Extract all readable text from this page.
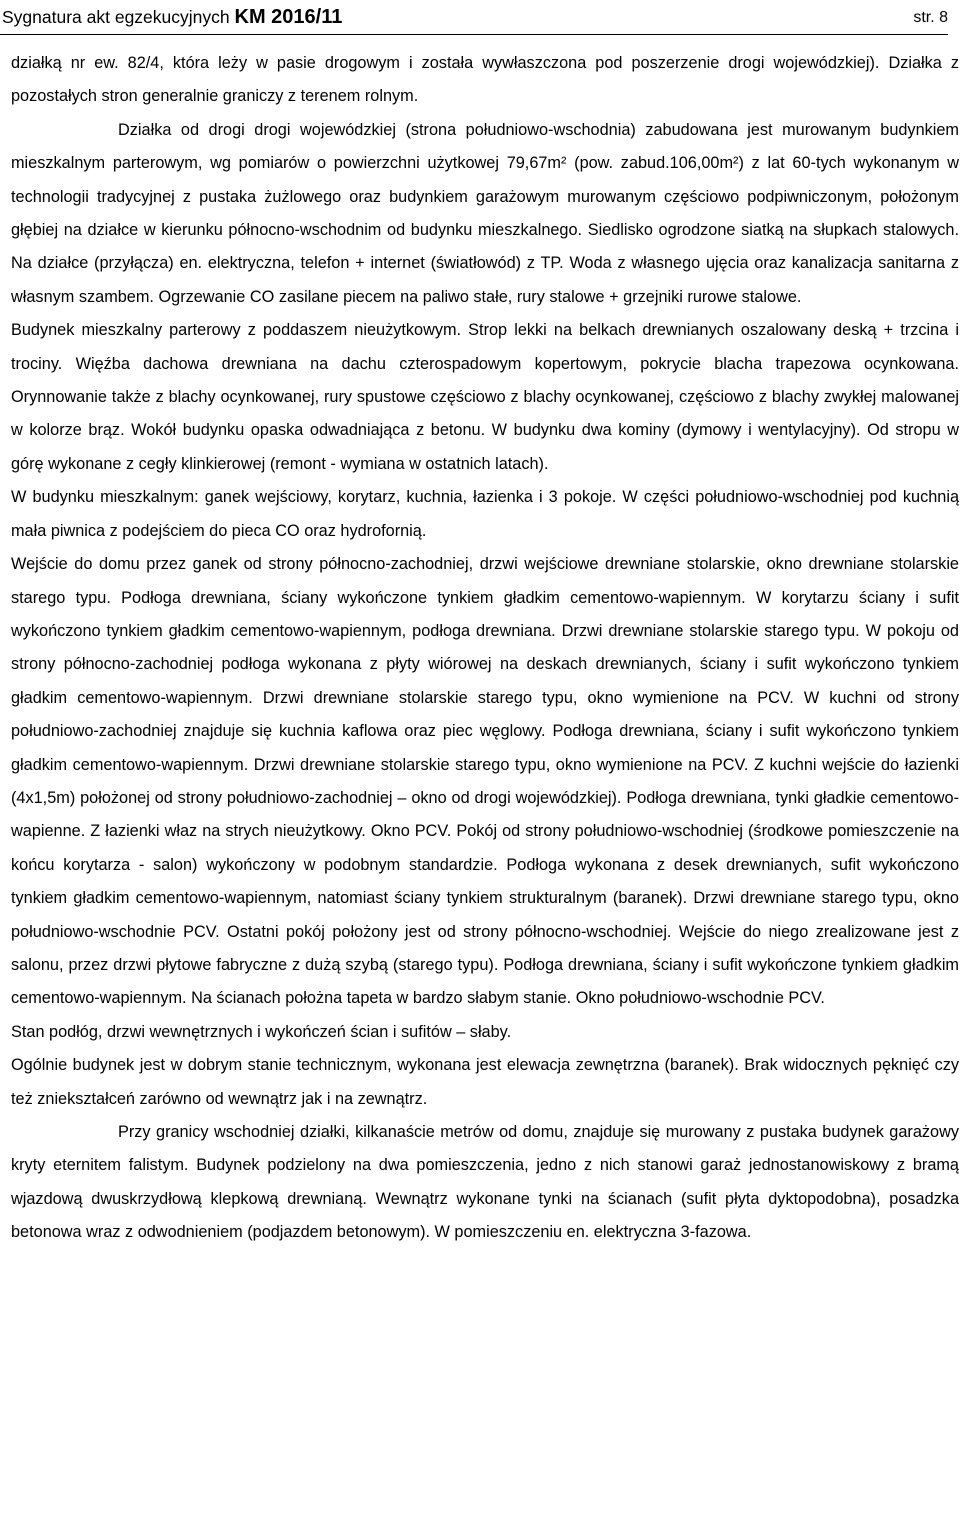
Sygnatura akt egzekucyjnych KM 2016/11	str. 8

działką nr ew. 82/4, która leży w pasie drogowym i została wywłaszczona pod poszerzenie drogi wojewódzkiej). Działka z pozostałych stron generalnie graniczy z terenem rolnym.

Działka od drogi drogi wojewódzkiej (strona południowo-wschodnia) zabudowana jest murowanym budynkiem mieszkalnym parterowym, wg pomiarów o powierzchni użytkowej 79,67m² (pow. zabud.106,00m²) z lat 60-tych wykonanym w technologii tradycyjnej z pustaka żużlowego oraz budynkiem garażowym murowanym częściowo podpiwniczonym, położonym głębiej na działce w kierunku północno-wschodnim od budynku mieszkalnego. Siedlisko ogrodzone siatką na słupkach stalowych. Na działce (przyłącza) en. elektryczna, telefon + internet (światłowód) z TP. Woda z własnego ujęcia oraz kanalizacja sanitarna z własnym szambem. Ogrzewanie CO zasilane piecem na paliwo stałe, rury stalowe + grzejniki rurowe stalowe.

Budynek mieszkalny parterowy z poddaszem nieużytkowym. Strop lekki na belkach drewnianych oszalowany deską + trzcina i trociny. Więźba dachowa drewniana na dachu czterospadowym kopertowym, pokrycie blacha trapezowa ocynkowana. Orynnowanie także z blachy ocynkowanej, rury spustowe częściowo z blachy ocynkowanej, częściowo z blachy zwykłej malowanej w kolorze brąz. Wokół budynku opaska odwadniająca z betonu. W budynku dwa kominy (dymowy i wentylacyjny). Od stropu w górę wykonane z cegły klinkierowej (remont - wymiana w ostatnich latach).

W budynku mieszkalnym: ganek wejściowy, korytarz, kuchnia, łazienka i 3 pokoje. W części południowo-wschodniej pod kuchnią mała piwnica z podejściem do pieca CO oraz hydrofornią.

Wejście do domu przez ganek od strony północno-zachodniej, drzwi wejściowe drewniane stolarskie, okno drewniane stolarskie starego typu. Podłoga drewniana, ściany wykończone tynkiem gładkim cementowo-wapiennym. W korytarzu ściany i sufit wykończono tynkiem gładkim cementowo-wapiennym, podłoga drewniana. Drzwi drewniane stolarskie starego typu. W pokoju od strony północno-zachodniej podłoga wykonana z płyty wiórowej na deskach drewnianych, ściany i sufit wykończono tynkiem gładkim cementowo-wapiennym. Drzwi drewniane stolarskie starego typu, okno wymienione na PCV. W kuchni od strony południowo-zachodniej znajduje się kuchnia kaflowa oraz piec węglowy. Podłoga drewniana, ściany i sufit wykończono tynkiem gładkim cementowo-wapiennym. Drzwi drewniane stolarskie starego typu, okno wymienione na PCV. Z kuchni wejście do łazienki (4x1,5m) położonej od strony południowo-zachodniej – okno od drogi wojewódzkiej). Podłoga drewniana, tynki gładkie cementowo-wapienne. Z łazienki właz na strych nieużytkowy. Okno PCV. Pokój od strony południowo-wschodniej (środkowe pomieszczenie na końcu korytarza - salon) wykończony w podobnym standardzie. Podłoga wykonana z desek drewnianych, sufit wykończono tynkiem gładkim cementowo-wapiennym, natomiast ściany tynkiem strukturalnym (baranek). Drzwi drewniane starego typu, okno południowo-wschodnie PCV. Ostatni pokój położony jest od strony północno-wschodniej. Wejście do niego zrealizowane jest z salonu, przez drzwi płytowe fabryczne z dużą szybą (starego typu). Podłoga drewniana, ściany i sufit wykończone tynkiem gładkim cementowo-wapiennym. Na ścianach położna tapeta w bardzo słabym stanie. Okno południowo-wschodnie PCV.

Stan podłóg, drzwi wewnętrznych i wykończeń ścian i sufitów – słaby.

Ogólnie budynek jest w dobrym stanie technicznym, wykonana jest elewacja zewnętrzna (baranek). Brak widocznych pęknięć czy też zniekształceń zarówno od wewnątrz jak i na zewnątrz.

Przy granicy wschodniej działki, kilkanaście metrów od domu, znajduje się murowany z pustaka budynek garażowy kryty eternitem falistym. Budynek podzielony na dwa pomieszczenia, jedno z nich stanowi garaż jednostanowiskowy z bramą wjazdową dwuskrzydłową klepkową drewnianą. Wewnątrz wykonane tynki na ścianach (sufit płyta dyktopodobna), posadzka betonowa wraz z odwodnieniem (podjazdem betonowym). W pomieszczeniu en. elektryczna 3-fazowa.
